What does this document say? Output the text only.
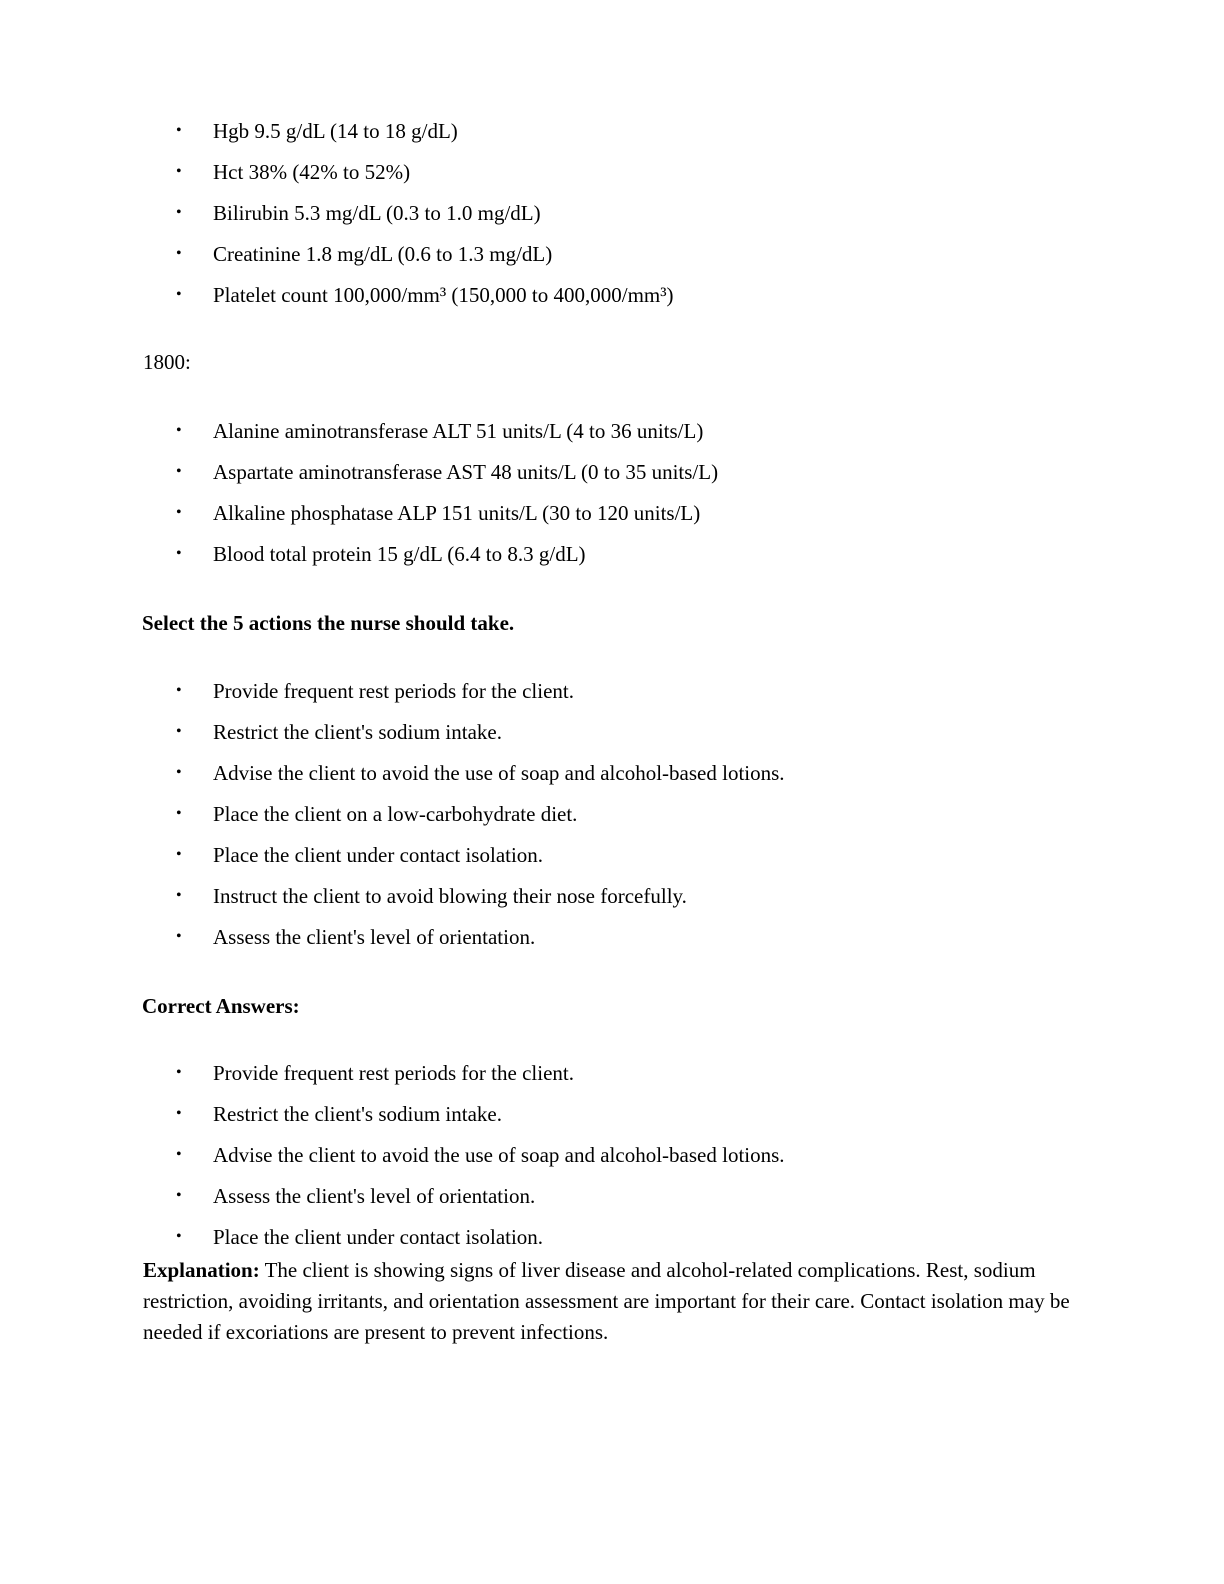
• Hgb 9.5 g/dL (14 to 18 g/dL)
• Hct 38% (42% to 52%)
• Bilirubin 5.3 mg/dL (0.3 to 1.0 mg/dL)
• Creatinine 1.8 mg/dL (0.6 to 1.3 mg/dL)
• Platelet count 100,000/mm³ (150,000 to 400,000/mm³)
1800:
• Alanine aminotransferase ALT 51 units/L (4 to 36 units/L)
• Aspartate aminotransferase AST 48 units/L (0 to 35 units/L)
• Alkaline phosphatase ALP 151 units/L (30 to 120 units/L)
• Blood total protein 15 g/dL (6.4 to 8.3 g/dL)
Select the 5 actions the nurse should take.
• Provide frequent rest periods for the client.
• Restrict the client's sodium intake.
• Advise the client to avoid the use of soap and alcohol-based lotions.
• Place the client on a low-carbohydrate diet.
• Place the client under contact isolation.
• Instruct the client to avoid blowing their nose forcefully.
• Assess the client's level of orientation.
Correct Answers:
• Provide frequent rest periods for the client.
• Restrict the client's sodium intake.
• Advise the client to avoid the use of soap and alcohol-based lotions.
• Assess the client's level of orientation.
• Place the client under contact isolation.
Explanation: The client is showing signs of liver disease and alcohol-related complications. Rest, sodium restriction, avoiding irritants, and orientation assessment are important for their care. Contact isolation may be needed if excoriations are present to prevent infections.
